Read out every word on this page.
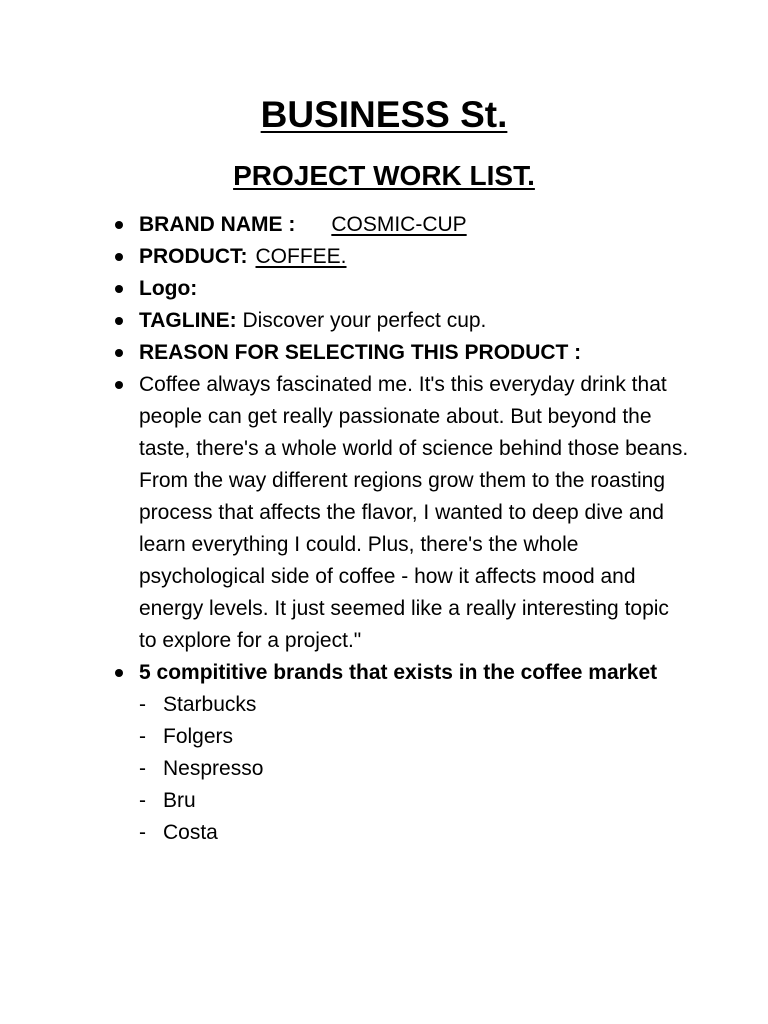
BUSINESS St.
PROJECT WORK LIST.
BRAND NAME : COSMIC-CUP
PRODUCT: COFFEE.
Logo:
TAGLINE: Discover your perfect cup.
REASON FOR SELECTING THIS PRODUCT :
Coffee always fascinated me. It's this everyday drink that people can get really passionate about. But beyond the taste, there's a whole world of science behind those beans. From the way different regions grow them to the roasting process that affects the flavor, I wanted to deep dive and learn everything I could. Plus, there's the whole psychological side of coffee - how it affects mood and energy levels. It just seemed like a really interesting topic to explore for a project."
5 compititive brands that exists in the coffee market
- Starbucks
- Folgers
- Nespresso
- Bru
- Costa
